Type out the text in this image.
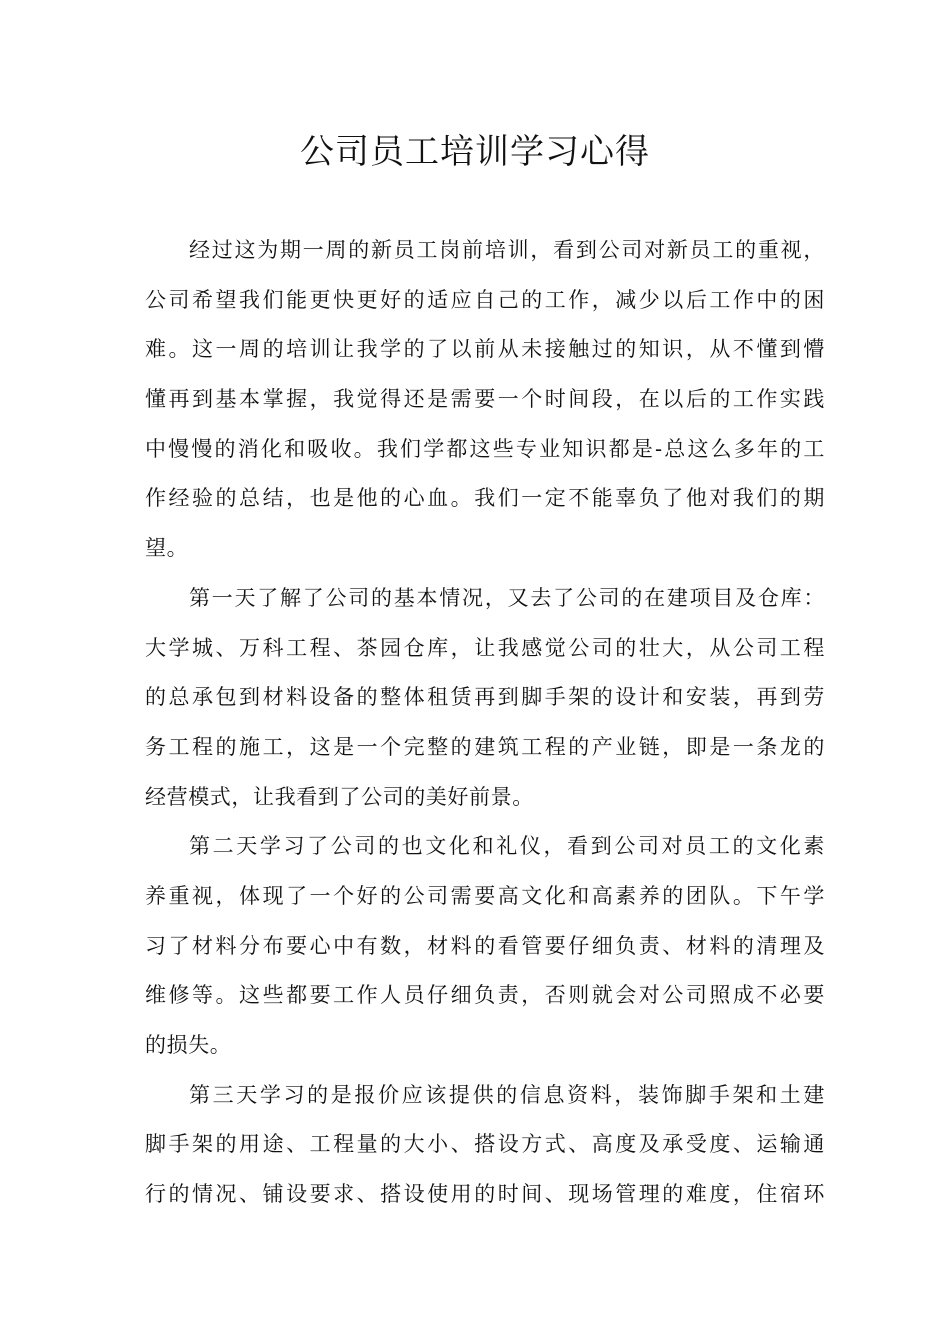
公司员工培训学习心得
经过这为期一周的新员工岗前培训，看到公司对新员工的重视，
公司希望我们能更快更好的适应自己的工作，减少以后工作中的困
难。这一周的培训让我学的了以前从未接触过的知识，从不懂到懵
懂再到基本掌握，我觉得还是需要一个时间段，在以后的工作实践
中慢慢的消化和吸收。我们学都这些专业知识都是-总这么多年的工
作经验的总结，也是他的心血。我们一定不能辜负了他对我们的期
望。
第一天了解了公司的基本情况，又去了公司的在建项目及仓库：
大学城、万科工程、茶园仓库，让我感觉公司的壮大，从公司工程
的总承包到材料设备的整体租赁再到脚手架的设计和安装，再到劳
务工程的施工，这是一个完整的建筑工程的产业链，即是一条龙的
经营模式，让我看到了公司的美好前景。
第二天学习了公司的也文化和礼仪，看到公司对员工的文化素
养重视，体现了一个好的公司需要高文化和高素养的团队。下午学
习了材料分布要心中有数，材料的看管要仔细负责、材料的清理及
维修等。这些都要工作人员仔细负责，否则就会对公司照成不必要
的损失。
第三天学习的是报价应该提供的信息资料，装饰脚手架和土建
脚手架的用途、工程量的大小、搭设方式、高度及承受度、运输通
行的情况、铺设要求、搭设使用的时间、现场管理的难度，住宿环
